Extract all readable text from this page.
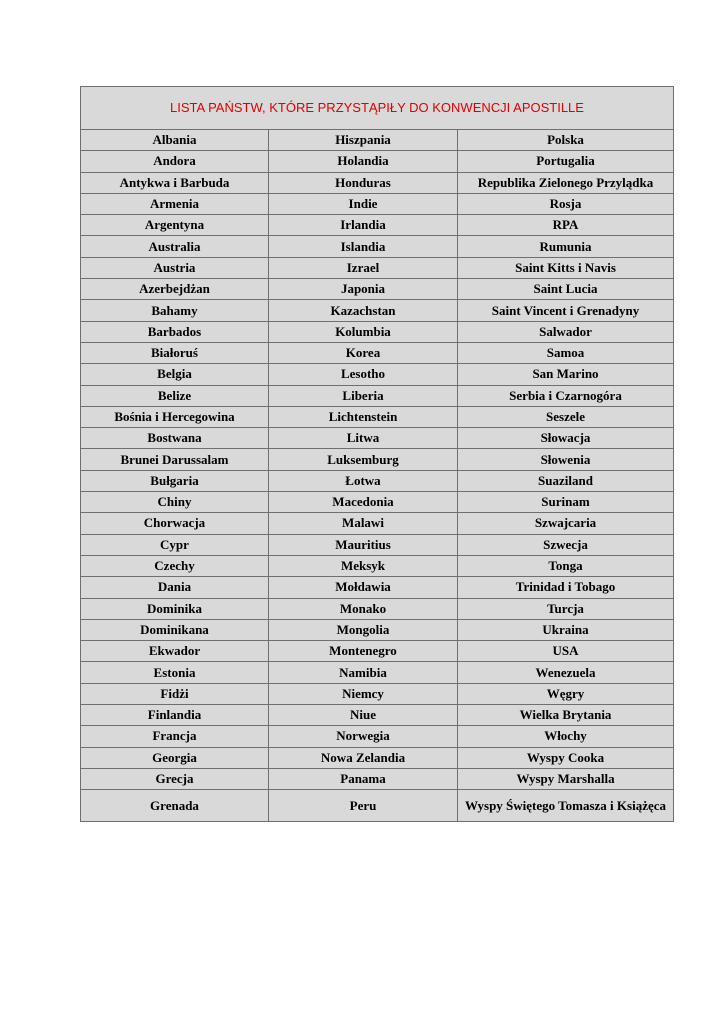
LISTA PAŃSTW, KTÓRE PRZYSTĄPIŁY DO KONWENCJI APOSTILLE		
Albania	Hiszpania	Polska
Andora	Holandia	Portugalia
Antykwa i Barbuda	Honduras	Republika Zielonego Przylądka
Armenia	Indie	Rosja
Argentyna	Irlandia	RPA
Australia	Islandia	Rumunia
Austria	Izrael	Saint Kitts i Navis
Azerbejdżan	Japonia	Saint Lucia
Bahamy	Kazachstan	Saint Vincent i Grenadyny
Barbados	Kolumbia	Salwador
Białoruś	Korea	Samoa
Belgia	Lesotho	San Marino
Belize	Liberia	Serbia i Czarnogóra
Bośnia i Hercegowina	Lichtenstein	Seszele
Bostwana	Litwa	Słowacja
Brunei Darussalam	Luksemburg	Słowenia
Bułgaria	Łotwa	Suaziland
Chiny	Macedonia	Surinam
Chorwacja	Malawi	Szwajcaria
Cypr	Mauritius	Szwecja
Czechy	Meksyk	Tonga
Dania	Mołdawia	Trinidad i Tobago
Dominika	Monako	Turcja
Dominikana	Mongolia	Ukraina
Ekwador	Montenegro	USA
Estonia	Namibia	Wenezuela
Fidżi	Niemcy	Węgry
Finlandia	Niue	Wielka Brytania
Francja	Norwegia	Włochy
Georgia	Nowa Zelandia	Wyspy Cooka
Grecja	Panama	Wyspy Marshalla
Grenada	Peru	Wyspy Świętego Tomasza i Książęca
